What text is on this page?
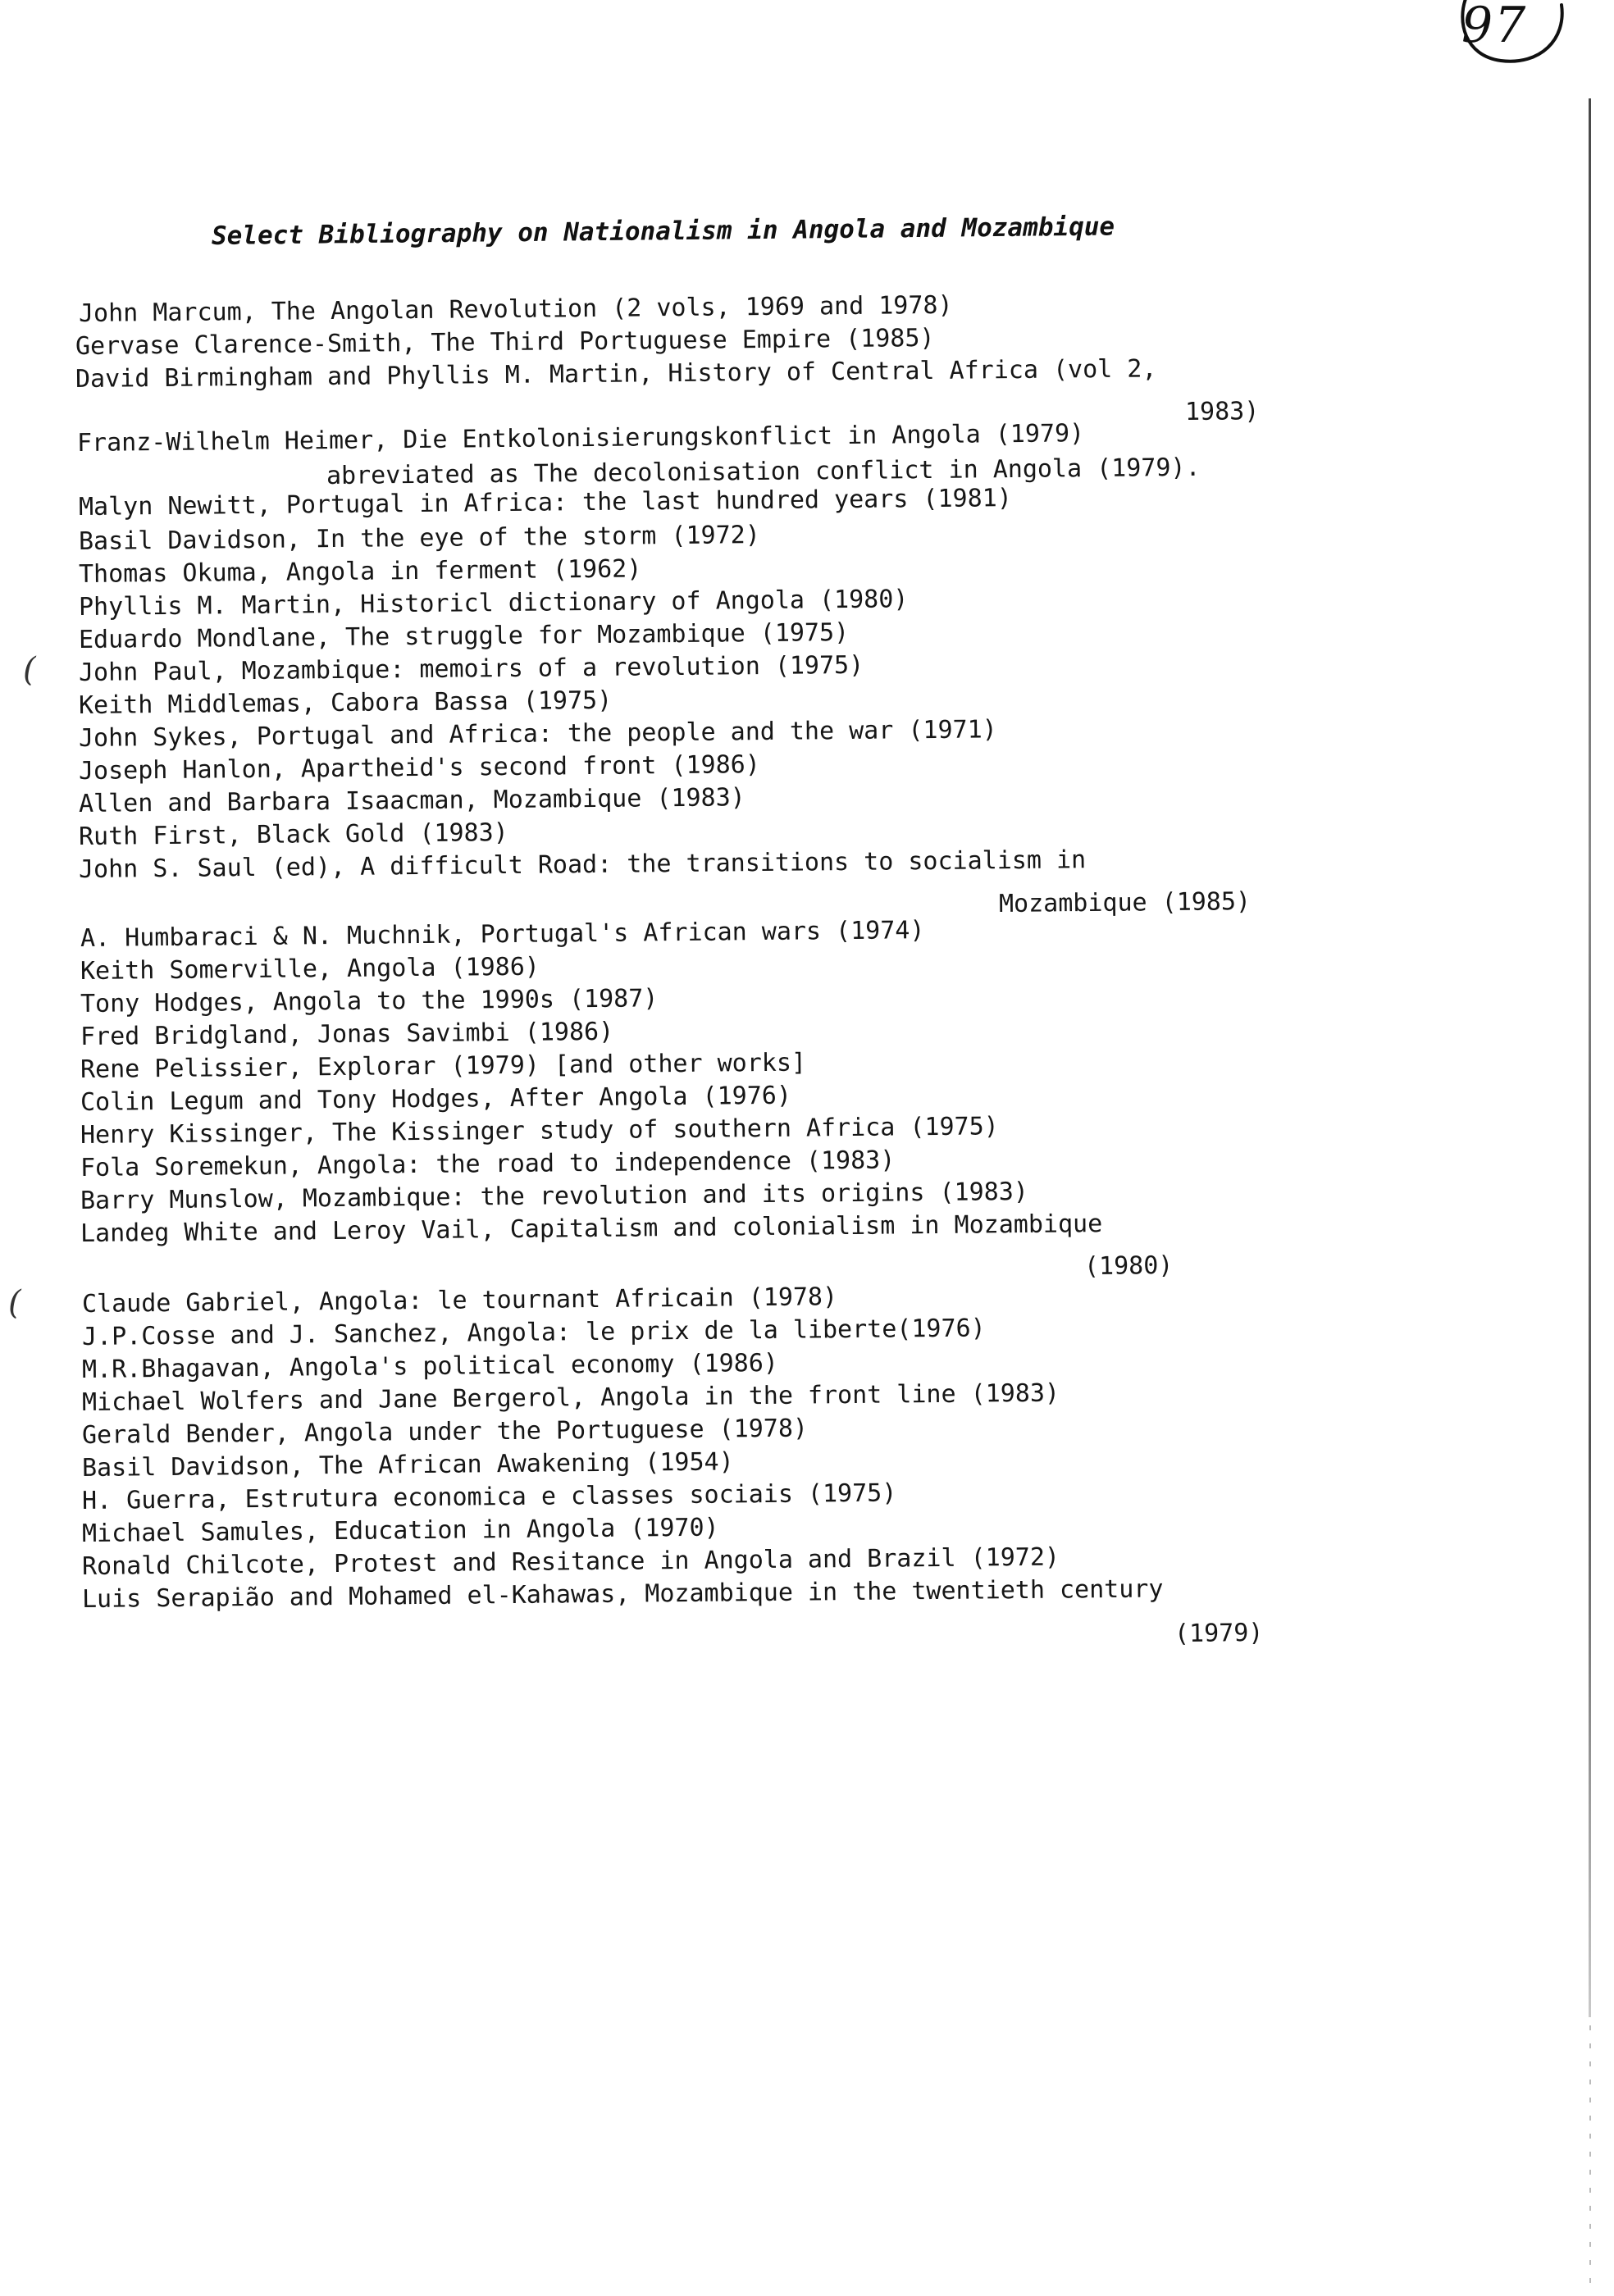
97
Select Bibliography on Nationalism in Angola and Mozambique
(
(
John Marcum, The Angolan Revolution (2 vols, 1969 and 1978)
Gervase Clarence-Smith, The Third Portuguese Empire (1985)
David Birmingham and Phyllis M. Martin, History of Central Africa (vol 2,
1983)
Franz-Wilhelm Heimer, Die Entkolonisierungskonflict in Angola (1979)
abreviated as The decolonisation conflict in Angola (1979).
Malyn Newitt, Portugal in Africa: the last hundred years (1981)
Basil Davidson, In the eye of the storm (1972)
Thomas Okuma, Angola in ferment (1962)
Phyllis M. Martin, Historicl dictionary of Angola (1980)
Eduardo Mondlane, The struggle for Mozambique (1975)
John Paul, Mozambique: memoirs of a revolution (1975)
Keith Middlemas, Cabora Bassa (1975)
John Sykes, Portugal and Africa: the people and the war (1971)
Joseph Hanlon, Apartheid's second front (1986)
Allen and Barbara Isaacman, Mozambique (1983)
Ruth First, Black Gold (1983)
John S. Saul (ed), A difficult Road: the transitions to socialism in
Mozambique (1985)
A. Humbaraci & N. Muchnik, Portugal's African wars (1974)
Keith Somerville, Angola (1986)
Tony Hodges, Angola to the 1990s (1987)
Fred Bridgland, Jonas Savimbi (1986)
Rene Pelissier, Explorar (1979) [and other works]
Colin Legum and Tony Hodges, After Angola (1976)
Henry Kissinger, The Kissinger study of southern Africa (1975)
Fola Soremekun, Angola: the road to independence (1983)
Barry Munslow, Mozambique: the revolution and its origins (1983)
Landeg White and Leroy Vail, Capitalism and colonialism in Mozambique
(1980)
Claude Gabriel, Angola: le tournant Africain (1978)
J.P.Cosse and J. Sanchez, Angola: le prix de la liberte(1976)
M.R.Bhagavan, Angola's political economy (1986)
Michael Wolfers and Jane Bergerol, Angola in the front line (1983)
Gerald Bender, Angola under the Portuguese (1978)
Basil Davidson, The African Awakening (1954)
H. Guerra, Estrutura economica e classes sociais (1975)
Michael Samules, Education in Angola (1970)
Ronald Chilcote, Protest and Resitance in Angola and Brazil (1972)
Luis Serapião and Mohamed el-Kahawas, Mozambique in the twentieth century
(1979)
